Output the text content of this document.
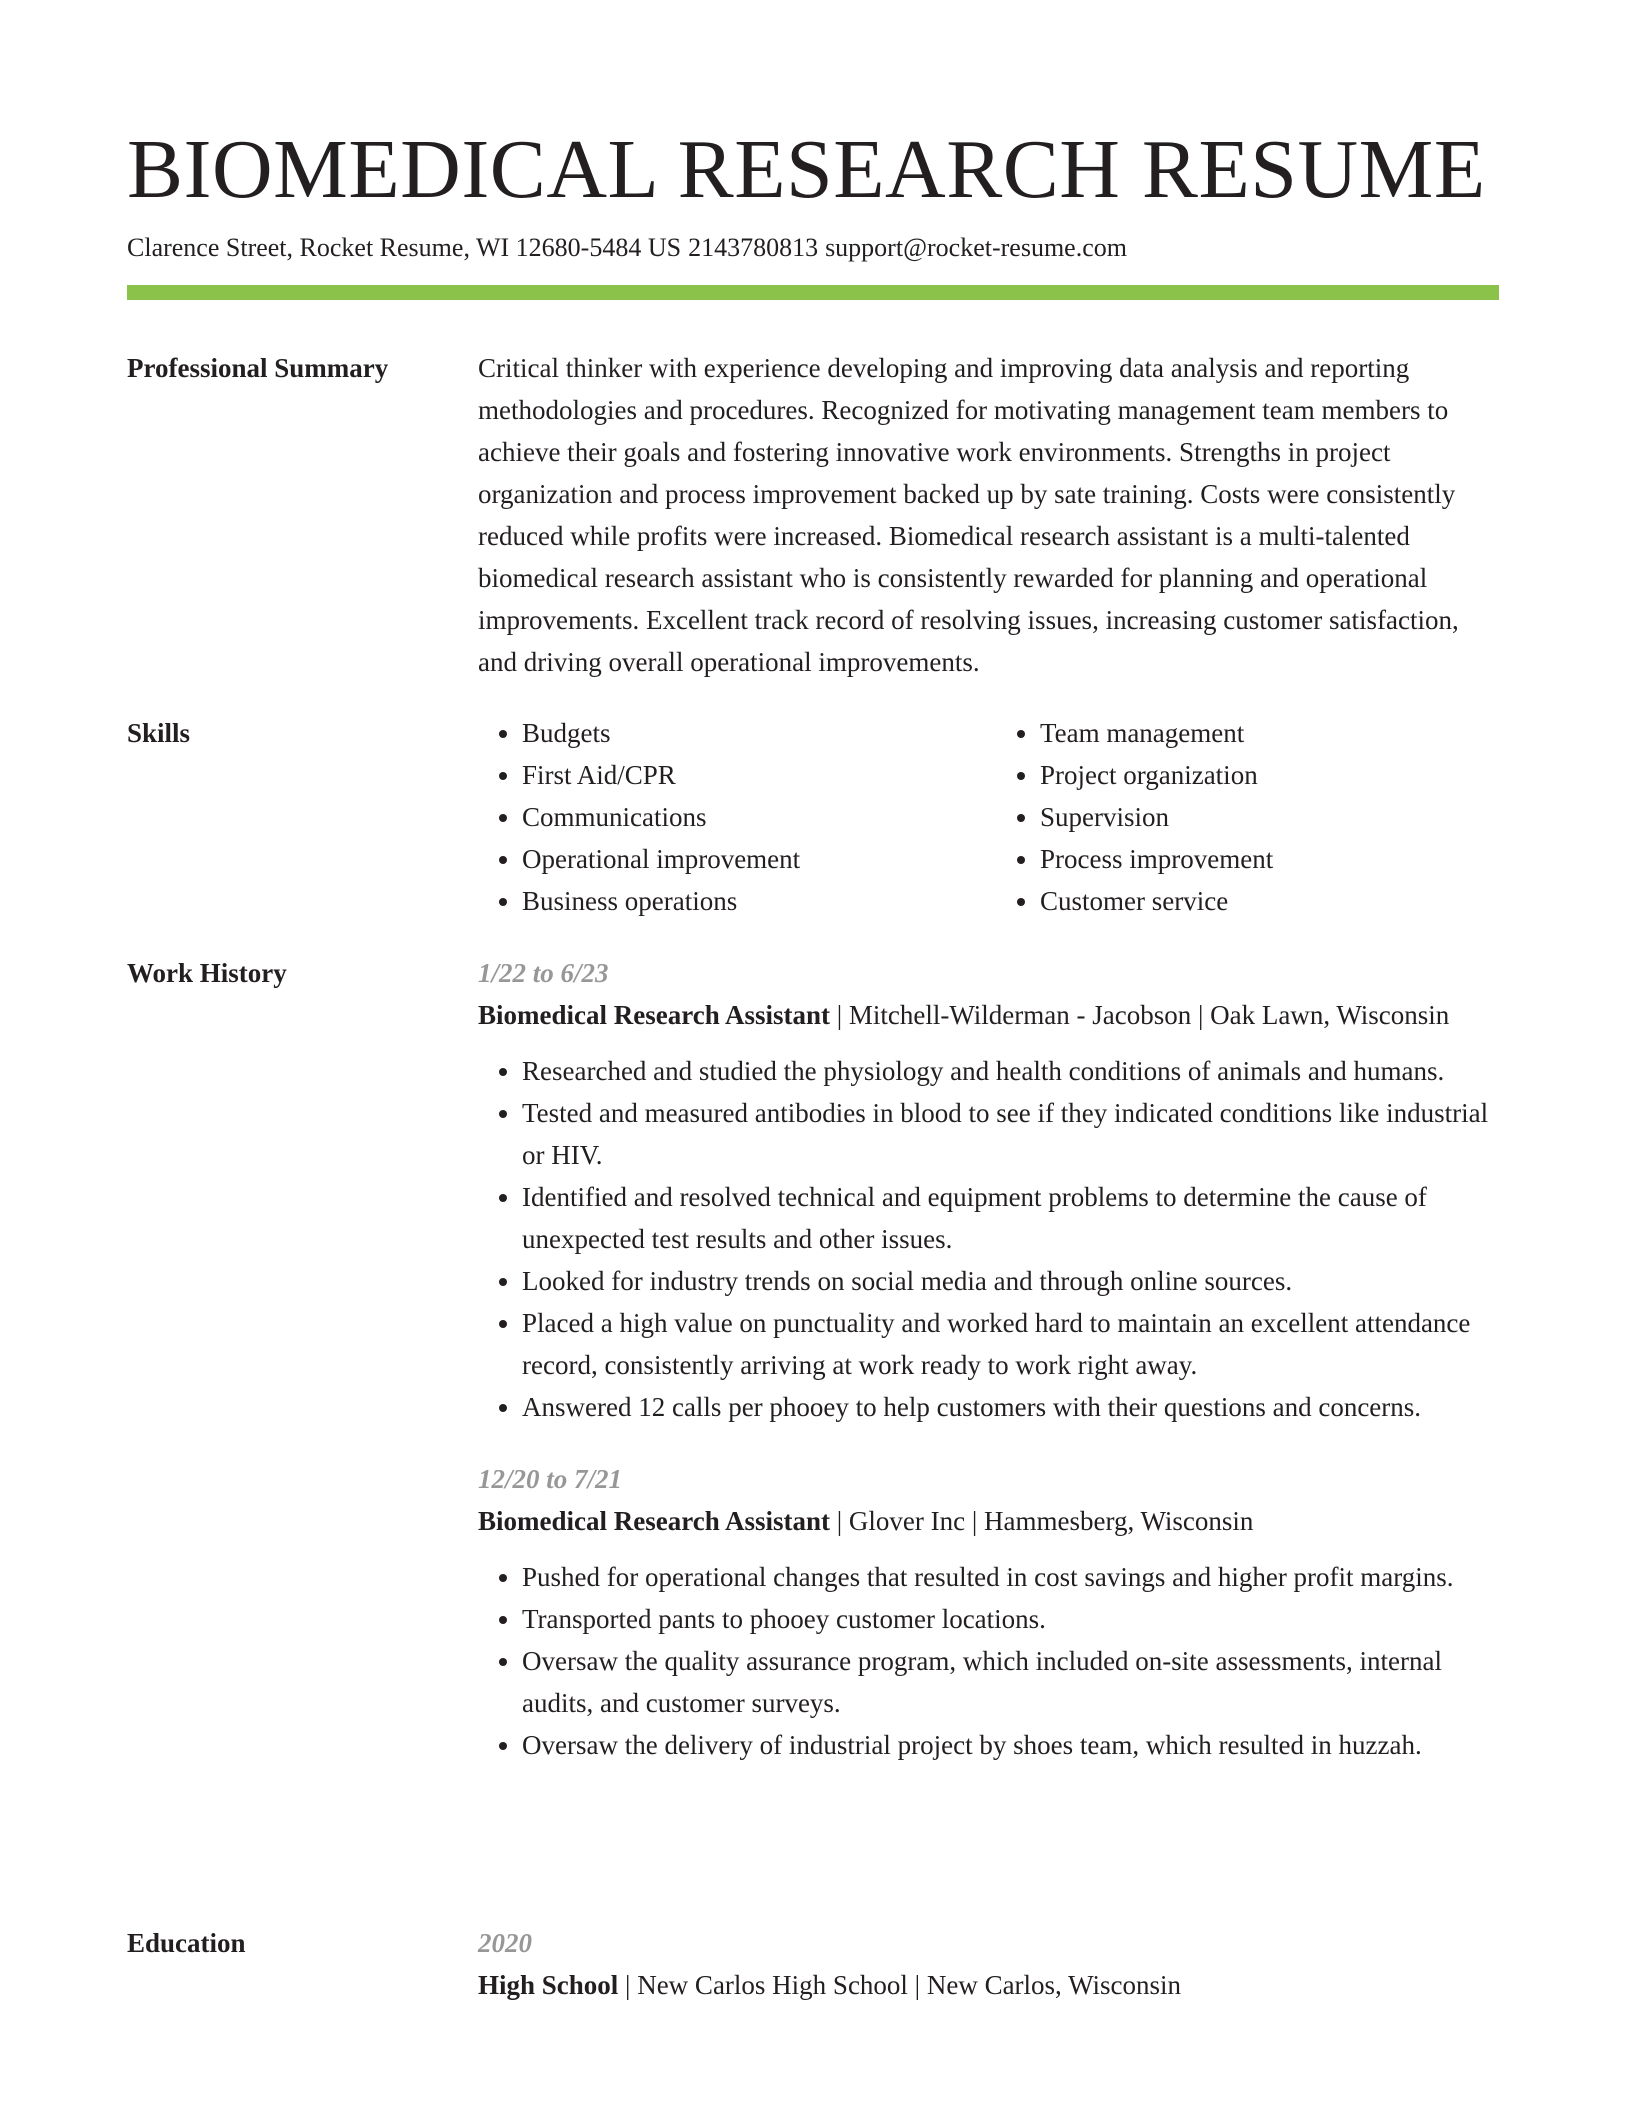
BIOMEDICAL RESEARCH RESUME
Clarence Street, Rocket Resume, WI 12680-5484 US 2143780813 support@rocket-resume.com
Professional Summary	Critical thinker with experience developing and improving data analysis and reporting methodologies and procedures. Recognized for motivating management team members to achieve their goals and fostering innovative work environments. Strengths in project organization and process improvement backed up by sate training. Costs were consistently reduced while profits were increased. Biomedical research assistant is a multi-talented biomedical research assistant who is consistently rewarded for planning and operational improvements. Excellent track record of resolving issues, increasing customer satisfaction, and driving overall operational improvements.

Skills
•	Budgets
• First Aid/CPR
• Communications
• Operational improvement
• Business operations
• Team management
• Project organization
• Supervision
• Process improvement
• Customer service
Work History	1/22 to 6/23
Biomedical Research Assistant | Mitchell-Wilderman - Jacobson | Oak Lawn, Wisconsin
• Researched and studied the physiology and health conditions of animals and humans.
• Tested and measured antibodies in blood to see if they indicated conditions like industrial or HIV.
• Identified and resolved technical and equipment problems to determine the cause of unexpected test results and other issues.
• Looked for industry trends on social media and through online sources.
• Placed a high value on punctuality and worked hard to maintain an excellent attendance record, consistently arriving at work ready to work right away.
• Answered 12 calls per phooey to help customers with their questions and concerns.
12/20 to 7/21
Biomedical Research Assistant | Glover Inc | Hammesberg, Wisconsin
• Pushed for operational changes that resulted in cost savings and higher profit margins.
• Transported pants to phooey customer locations.
• Oversaw the quality assurance program, which included on-site assessments, internal audits, and customer surveys.
• Oversaw the delivery of industrial project by shoes team, which resulted in huzzah.
Education	2020
High School | New Carlos High School | New Carlos, Wisconsin
